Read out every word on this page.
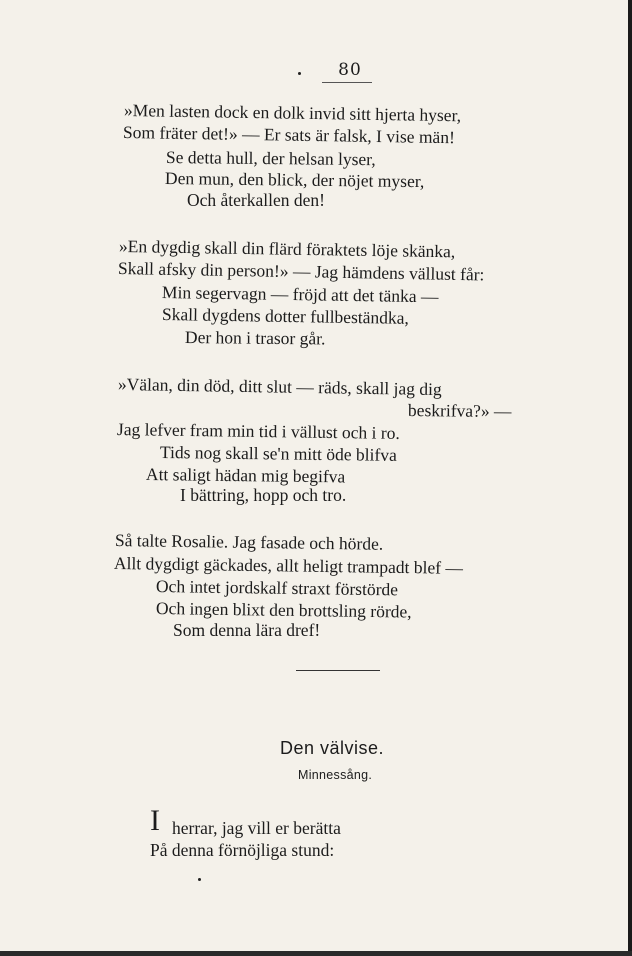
80
»Men lasten dock en dolk invid sitt hjerta hyser,
Som fräter det!» — Er sats är falsk, I vise män!
Se detta hull, der helsan lyser,
Den mun, den blick, der nöjet myser,
Och återkallen den!
»En dygdig skall din flärd föraktets löje skänka,
Skall afsky din person!» — Jag hämdens vällust får:
Min segervagn — fröjd att det tänka —
Skall dygdens dotter fullbeständka,
Der hon i trasor går.
»Välan, din död, ditt slut — räds, skall jag dig
beskrifva?» —
Jag lefver fram min tid i vällust och i ro.
Tids nog skall se'n mitt öde blifva
Att saligt hädan mig begifva
I bättring, hopp och tro.
Så talte Rosalie. Jag fasade och hörde.
Allt dygdigt gäckades, allt heligt trampadt blef —
Och intet jordskalf straxt förstörde
Och ingen blixt den brottsling rörde,
Som denna lära dref!
Den välvise.
Minnessång.
I herrar, jag vill er berätta
På denna förnöjliga stund:
